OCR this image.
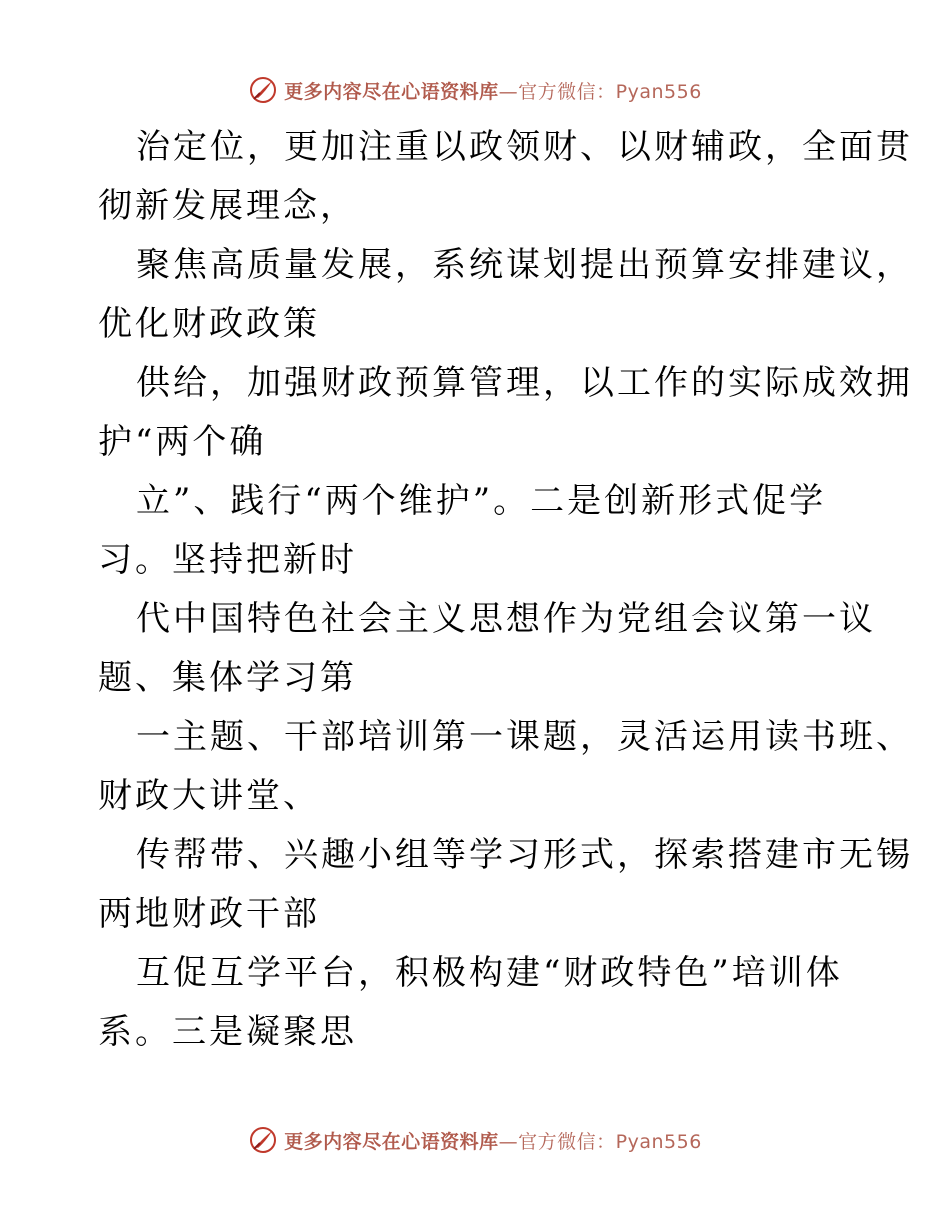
更多内容尽在心语资料库—官方微信：Pyan556

治定位，更加注重以政领财、以财辅政，全面贯
彻新发展理念，

聚焦高质量发展，系统谋划提出预算安排建议，
优化财政政策

供给，加强财政预算管理，以工作的实际成效拥
护“两个确

立”、践行“两个维护”。二是创新形式促学
习。坚持把新时

代中国特色社会主义思想作为党组会议第一议
题、集体学习第

一主题、干部培训第一课题，灵活运用读书班、
财政大讲堂、

传帮带、兴趣小组等学习形式，探索搭建市无锡
两地财政干部

互促互学平台，积极构建“财政特色”培训体
系。三是凝聚思

更多内容尽在心语资料库—官方微信：Pyan556
